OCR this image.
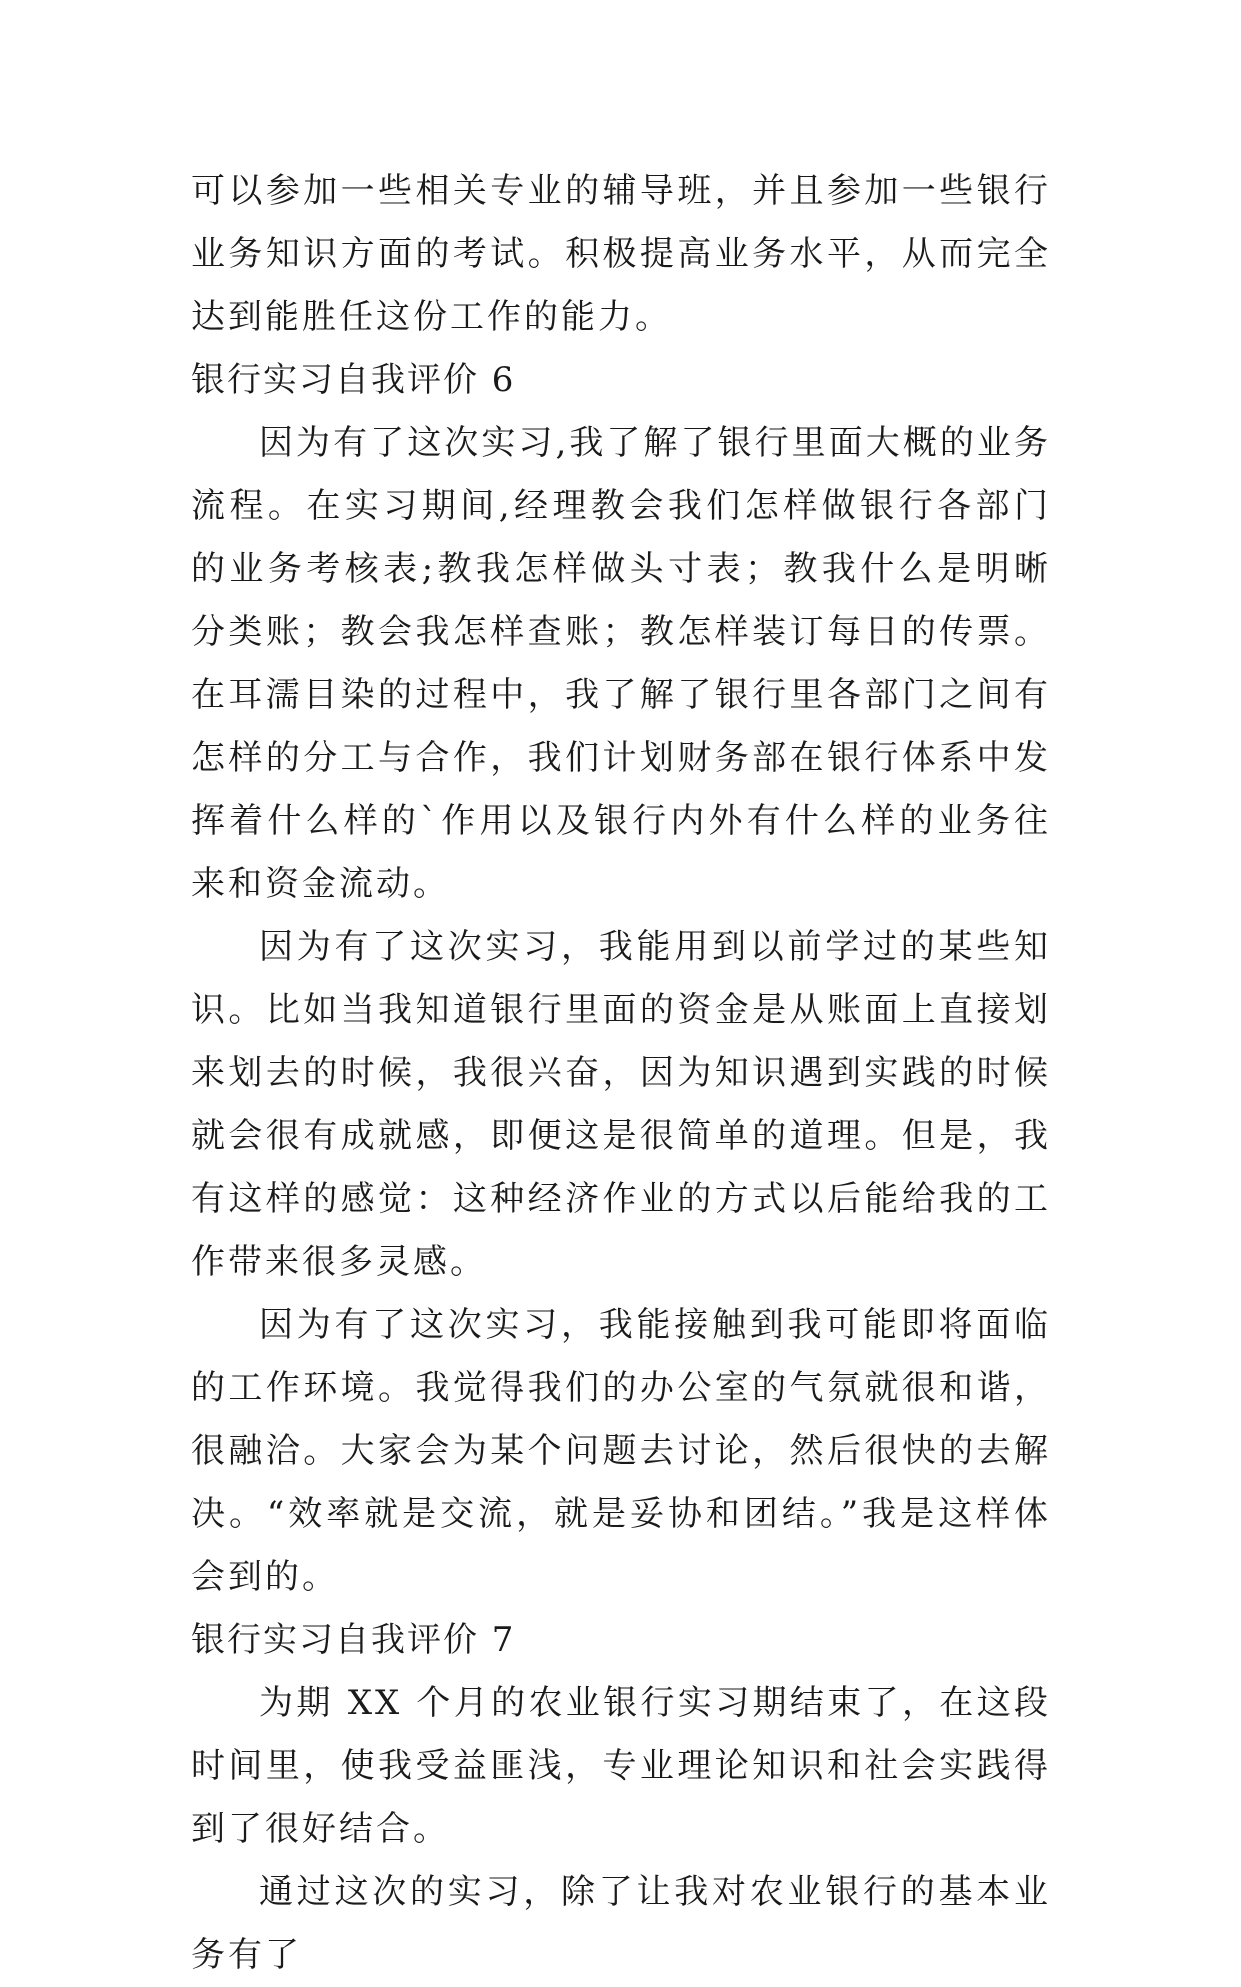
可以参加一些相关专业的辅导班，并且参加一些银行业务知识方面的考试。积极提高业务水平，从而完全达到能胜任这份工作的能力。

银行实习自我评价 6

因为有了这次实习,我了解了银行里面大概的业务流程。在实习期间,经理教会我们怎样做银行各部门的业务考核表;教我怎样做头寸表；教我什么是明晰分类账；教会我怎样查账；教怎样装订每日的传票。在耳濡目染的过程中，我了解了银行里各部门之间有怎样的分工与合作，我们计划财务部在银行体系中发挥着什么样的`作用以及银行内外有什么样的业务往来和资金流动。

因为有了这次实习，我能用到以前学过的某些知识。比如当我知道银行里面的资金是从账面上直接划来划去的时候，我很兴奋，因为知识遇到实践的时候就会很有成就感，即便这是很简单的道理。但是，我有这样的感觉：这种经济作业的方式以后能给我的工作带来很多灵感。

因为有了这次实习，我能接触到我可能即将面临的工作环境。我觉得我们的办公室的气氛就很和谐，很融洽。大家会为某个问题去讨论，然后很快的去解决。“效率就是交流，就是妥协和团结。”我是这样体会到的。

银行实习自我评价 7

为期 XX 个月的农业银行实习期结束了，在这段时间里，使我受益匪浅，专业理论知识和社会实践得到了很好结合。

通过这次的实习，除了让我对农业银行的基本业务有了
